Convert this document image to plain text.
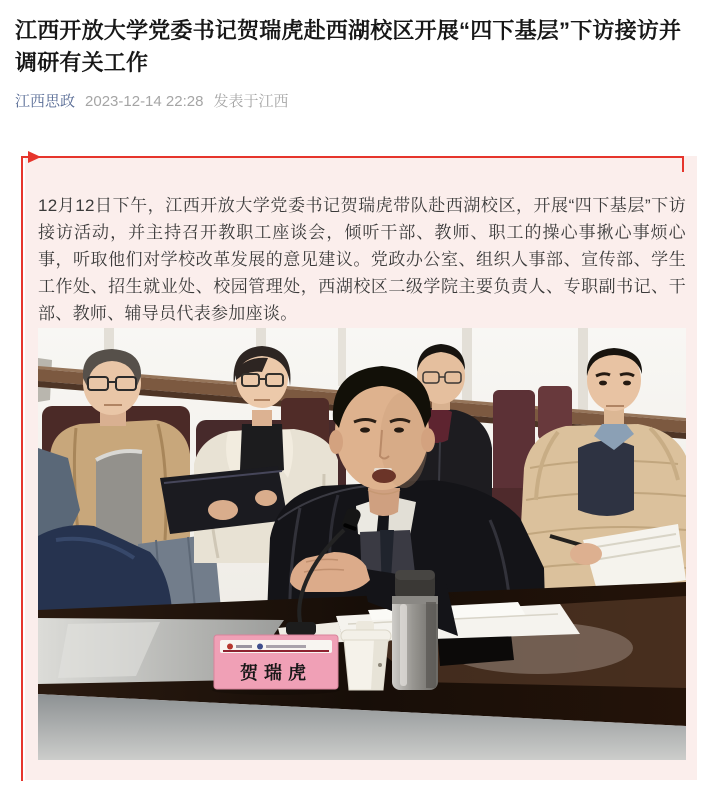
江西开放大学党委书记贺瑞虎赴西湖校区开展“四下基层”下访接访并调研有关工作
江西思政 2023-12-14 22:28 发表于江西

12月12日下午，江西开放大学党委书记贺瑞虎带队赴西湖校区，开展“四下基层”下访接访活动，并主持召开教职工座谈会，倾听干部、教师、职工的操心事揪心事烦心事，听取他们对学校改革发展的意见建议。党政办公室、组织人事部、宣传部、学生工作处、招生就业处、校园管理处，西湖校区二级学院主要负责人、专职副书记、干部、教师、辅导员代表参加座谈。

贺瑞虎
